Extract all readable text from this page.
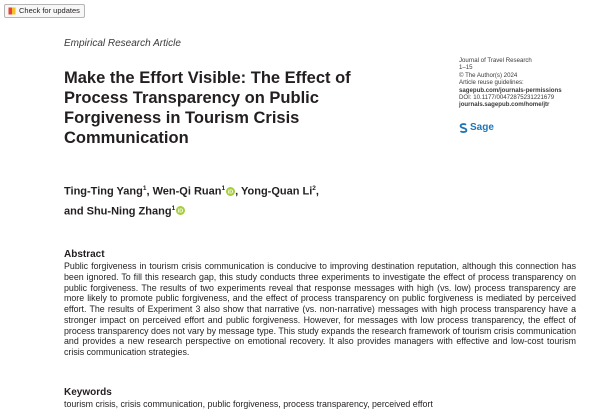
Check for updates
Empirical Research Article
Make the Effort Visible: The Effect of Process Transparency on Public Forgiveness in Tourism Crisis Communication
Journal of Travel Research
1–15
© The Author(s) 2024
Article reuse guidelines:
sagepub.com/journals-permissions
DOI: 10.1177/00472875231221679
journals.sagepub.com/home/jtr
Sage
Ting-Ting Yang$^1$, Wen-Qi Ruan$^1$
iD , Yong-Quan Li$^2$,
and Shu-Ning Zhang$^1$
iD
Abstract

Public forgiveness in tourism crisis communication is conducive to improving destination reputation, although this connection has been ignored. To fill this research gap, this study conducts three experiments to investigate the effect of process transparency on public forgiveness. The results of two experiments reveal that response messages with high (vs. low) process transparency are more likely to promote public forgiveness, and the effect of process transparency on public forgiveness is mediated by perceived effort. The results of Experiment 3 also show that narrative (vs. non-narrative) messages with high process transparency have a stronger impact on perceived effort and public forgiveness. However, for messages with low process transparency, the effect of process transparency does not vary by message type. This study expands the research framework of tourism crisis communication and provides a new research perspective on emotional recovery. It also provides managers with effective and low-cost tourism crisis communication strategies.

Keywords
tourism crisis, crisis communication, public forgiveness, process transparency, perceived effort
